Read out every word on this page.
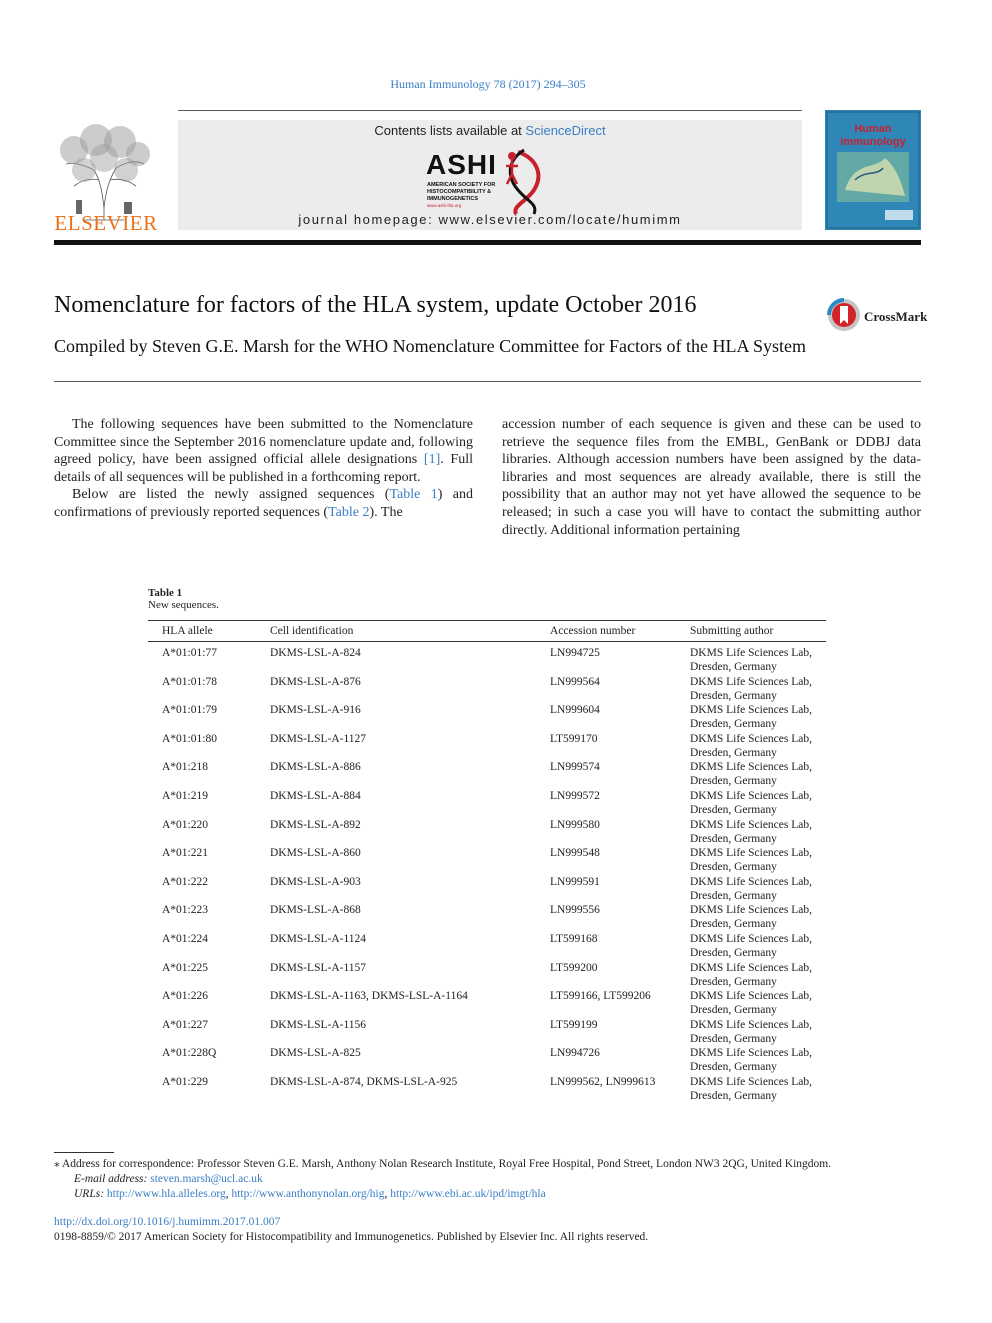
Human Immunology 78 (2017) 294–305
ELSEVIER
Contents lists available at ScienceDirect
ASHI
AMERICAN SOCIETY FOR
HISTOCOMPATIBILITY &
IMMUNOGENETICS
www.ashi-hla.org
journal homepage: www.elsevier.com/locate/humimm
Human
Immunology
Nomenclature for factors of the HLA system, update October 2016	CrossMark
Compiled by Steven G.E. Marsh for the WHO Nomenclature Committee for Factors of the HLA System

The following sequences have been submitted to the Nomenclature Committee since the September 2016 nomenclature update and, following agreed policy, have been assigned official allele designations [1]. Full details of all sequences will be published in a forthcoming report.

Below are listed the newly assigned sequences (Table 1) and confirmations of previously reported sequences (Table 2). The

accession number of each sequence is given and these can be used to retrieve the sequence files from the EMBL, GenBank or DDBJ data libraries. Although accession numbers have been assigned by the data-libraries and most sequences are already available, there is still the possibility that an author may not yet have allowed the sequence to be released; in such a case you will have to contact the submitting author directly. Additional information pertaining

Table 1
New sequences.
HLA allele	Cell identification	Accession number	Submitting author
A*01:01:77	DKMS-LSL-A-824	LN994725	DKMS Life Sciences Lab,
Dresden, Germany
A*01:01:78	DKMS-LSL-A-876	LN999564	DKMS Life Sciences Lab,
Dresden, Germany
A*01:01:79	DKMS-LSL-A-916	LN999604	DKMS Life Sciences Lab,
Dresden, Germany
A*01:01:80	DKMS-LSL-A-1127	LT599170	DKMS Life Sciences Lab,
Dresden, Germany
A*01:218	DKMS-LSL-A-886	LN999574	DKMS Life Sciences Lab,
Dresden, Germany
A*01:219	DKMS-LSL-A-884	LN999572	DKMS Life Sciences Lab,
Dresden, Germany
A*01:220	DKMS-LSL-A-892	LN999580	DKMS Life Sciences Lab,
Dresden, Germany
A*01:221	DKMS-LSL-A-860	LN999548	DKMS Life Sciences Lab,
Dresden, Germany
A*01:222	DKMS-LSL-A-903	LN999591	DKMS Life Sciences Lab,
Dresden, Germany
A*01:223	DKMS-LSL-A-868	LN999556	DKMS Life Sciences Lab,
Dresden, Germany
A*01:224	DKMS-LSL-A-1124	LT599168	DKMS Life Sciences Lab,
Dresden, Germany
A*01:225	DKMS-LSL-A-1157	LT599200	DKMS Life Sciences Lab,
Dresden, Germany
A*01:226	DKMS-LSL-A-1163, DKMS-LSL-A-1164	LT599166, LT599206	DKMS Life Sciences Lab,
Dresden, Germany
A*01:227	DKMS-LSL-A-1156	LT599199	DKMS Life Sciences Lab,
Dresden, Germany
A*01:228Q	DKMS-LSL-A-825	LN994726	DKMS Life Sciences Lab,
Dresden, Germany
A*01:229	DKMS-LSL-A-874, DKMS-LSL-A-925	LN999562, LN999613	DKMS Life Sciences Lab,
Dresden, Germany
⁎ Address for correspondence: Professor Steven G.E. Marsh, Anthony Nolan Research Institute, Royal Free Hospital, Pond Street, London NW3 2QG, United Kingdom.
E-mail address: steven.marsh@ucl.ac.uk
URLs: http://www.hla.alleles.org, http://www.anthonynolan.org/hig, http://www.ebi.ac.uk/ipd/imgt/hla
http://dx.doi.org/10.1016/j.humimm.2017.01.007
0198-8859/© 2017 American Society for Histocompatibility and Immunogenetics. Published by Elsevier Inc. All rights reserved.
